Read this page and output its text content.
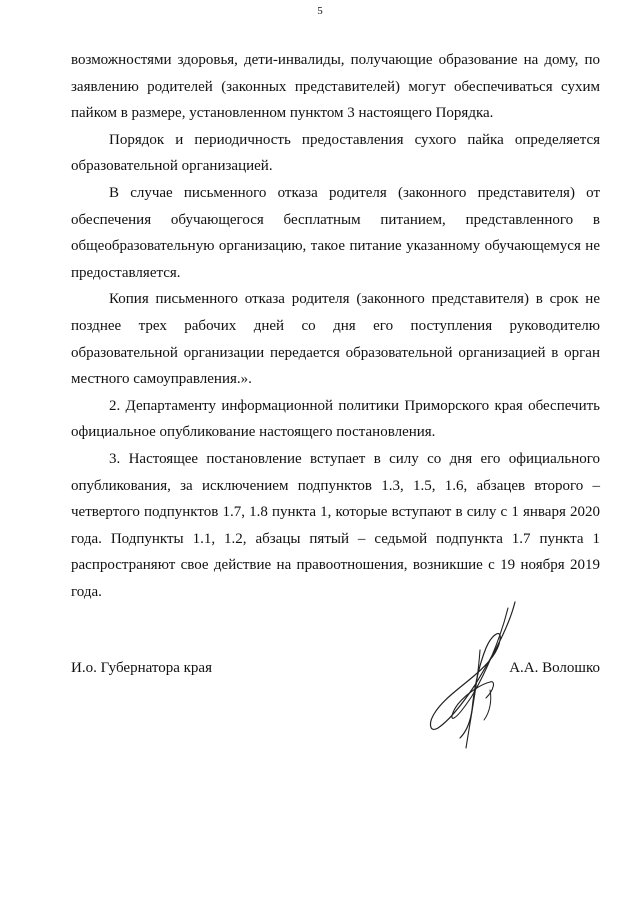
5

возможностями здоровья, дети-инвалиды, получающие образование на дому, по заявлению родителей (законных представителей) могут обеспечиваться сухим пайком в размере, установленном пунктом 3 настоящего Порядка.

Порядок и периодичность предоставления сухого пайка определяется образовательной организацией.

В случае письменного отказа родителя (законного представителя) от обеспечения обучающегося бесплатным питанием, представленного в общеобразовательную организацию, такое питание указанному обучающемуся не предоставляется.

Копия письменного отказа родителя (законного представителя) в срок не позднее трех рабочих дней со дня его поступления руководителю образовательной организации передается образовательной организацией в орган местного самоуправления.».

2. Департаменту информационной политики Приморского края обеспечить официальное опубликование настоящего постановления.

3. Настоящее постановление вступает в силу со дня его официального опубликования, за исключением подпунктов 1.3, 1.5, 1.6, абзацев второго – четвертого подпунктов 1.7, 1.8 пункта 1, которые вступают в силу с 1 января 2020 года. Подпункты 1.1, 1.2, абзацы пятый – седьмой подпункта 1.7 пункта 1 распространяют свое действие на правоотношения, возникшие с 19 ноября 2019 года.

И.о. Губернатора края	А.А. Волошко
